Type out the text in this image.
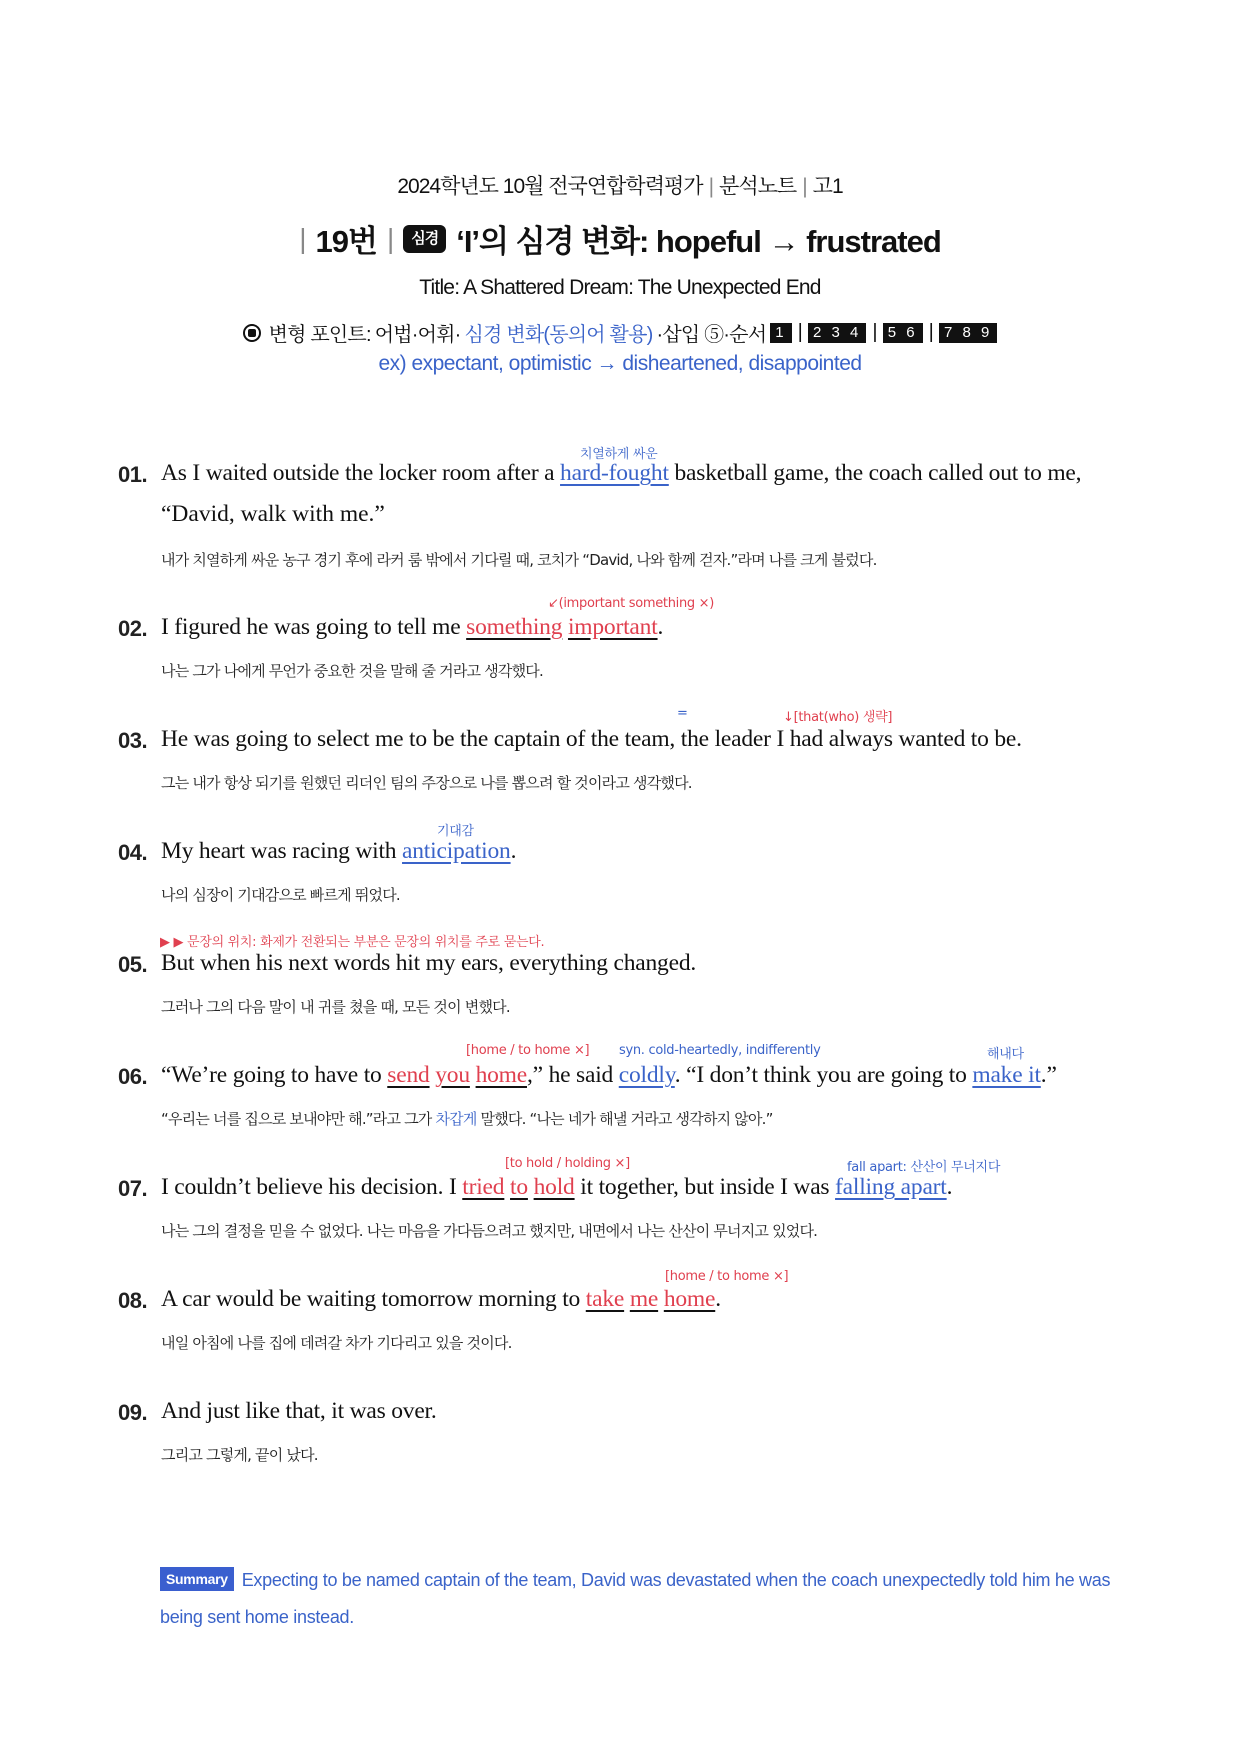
2024학년도 10월 전국연합학력평가 | 분석노트 | 고1
| 19번 |	심경 ‘I’의 심경 변화: hopeful → frustrated
Title: A Shattered Dream: The Unexpected End
변형 포인트: 어법·어휘· 심경 변화(동의어 활용) ·삽입 ⑤·순서 1 | 2 3 4 | 5 6 | 7 8 9
ex) expectant, optimistic → disheartened, disappointed
치열하게 싸운
01. As I waited outside the locker room after a hard-fought basketball game, the coach called out to me,
“David, walk with me.”
내가 치열하게 싸운 농구 경기 후에 라커 룸 밖에서 기다릴 때, 코치가 “David, 나와 함께 걷자.”라며 나를 크게 불렀다.
↙(important something ×)
02. I figured he was going to tell me something important.
나는 그가 나에게 무언가 중요한 것을 말해 줄 거라고 생각했다.
=	↓[that(who) 생략]
03. He was going to select me to be the captain of the team, the leader I had always wanted to be.
그는 내가 항상 되기를 원했던 리더인 팀의 주장으로 나를 뽑으려 할 것이라고 생각했다.
기대감
04. My heart was racing with anticipation.
나의 심장이 기대감으로 빠르게 뛰었다.
▶ ▶ 문장의 위치: 화제가 전환되는 부분은 문장의 위치를 주로 묻는다.
05. But when his next words hit my ears, everything changed.
그러나 그의 다음 말이 내 귀를 쳤을 때, 모든 것이 변했다.
[home / to home ×] syn. cold-heartedly, indifferently	해내다
06. “We’re going to have to send you home,” he said coldly. “I don’t think you are going to make it.”
“우리는 너를 집으로 보내야만 해.”라고 그가 차갑게 말했다. “나는 네가 해낼 거라고 생각하지 않아.”
[to hold / holding ×]	fall apart: 산산이 무너지다
07. I couldn’t believe his decision. I tried to hold it together, but inside I was falling apart.
나는 그의 결정을 믿을 수 없었다. 나는 마음을 가다듬으려고 했지만, 내면에서 나는 산산이 무너지고 있었다.
[home / to home ×]
08. A car would be waiting tomorrow morning to take me home.
내일 아침에 나를 집에 데려갈 차가 기다리고 있을 것이다.
09. And just like that, it was over.
그리고 그렇게, 끝이 났다.
Summary Expecting to be named captain of the team, David was devastated when the coach unexpectedly told him he was being sent home instead.
